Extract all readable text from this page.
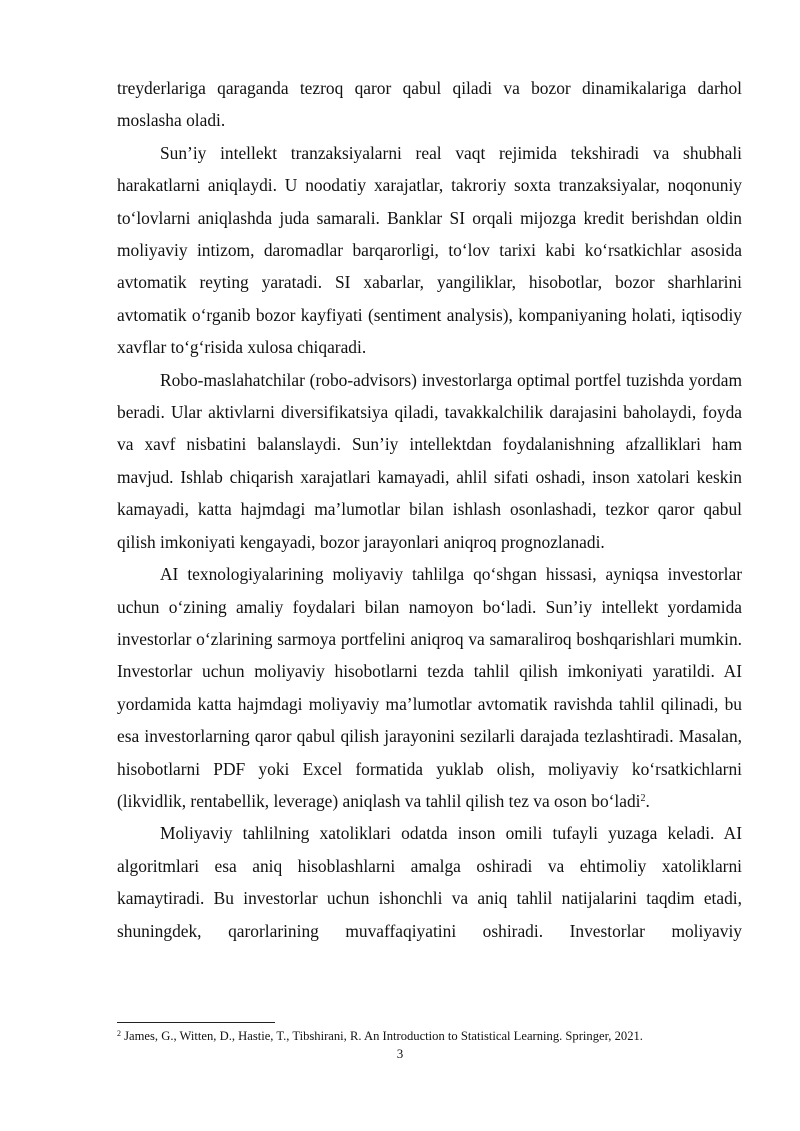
treyderlariga qaraganda tezroq qaror qabul qiladi va bozor dinamikalariga darhol moslasha oladi.

Sun’iy intellekt tranzaksiyalarni real vaqt rejimida tekshiradi va shubhali harakatlarni aniqlaydi. U noodatiy xarajatlar, takroriy soxta tranzaksiyalar, noqonuniy to‘lovlarni aniqlashda juda samarali. Banklar SI orqali mijozga kredit berishdan oldin moliyaviy intizom, daromadlar barqarorligi, to‘lov tarixi kabi ko‘rsatkichlar asosida avtomatik reyting yaratadi. SI xabarlar, yangiliklar, hisobotlar, bozor sharhlarini avtomatik o‘rganib bozor kayfiyati (sentiment analysis), kompaniyaning holati, iqtisodiy xavflar to‘g‘risida xulosa chiqaradi.

Robo-maslahatchilar (robo-advisors) investorlarga optimal portfel tuzishda yordam beradi. Ular aktivlarni diversifikatsiya qiladi, tavakkalchilik darajasini baholaydi, foyda va xavf nisbatini balanslaydi. Sun’iy intellektdan foydalanishning afzalliklari ham mavjud. Ishlab chiqarish xarajatlari kamayadi, ahlil sifati oshadi, inson xatolari keskin kamayadi, katta hajmdagi ma’lumotlar bilan ishlash osonlashadi, tezkor qaror qabul qilish imkoniyati kengayadi, bozor jarayonlari aniqroq prognozlanadi.

AI texnologiyalarining moliyaviy tahlilga qo‘shgan hissasi, ayniqsa investorlar uchun o‘zining amaliy foydalari bilan namoyon bo‘ladi. Sun’iy intellekt yordamida investorlar o‘zlarining sarmoya portfelini aniqroq va samaraliroq boshqarishlari mumkin. Investorlar uchun moliyaviy hisobotlarni tezda tahlil qilish imkoniyati yaratildi. AI yordamida katta hajmdagi moliyaviy ma’lumotlar avtomatik ravishda tahlil qilinadi, bu esa investorlarning qaror qabul qilish jarayonini sezilarli darajada tezlashtiradi. Masalan, hisobotlarni PDF yoki Excel formatida yuklab olish, moliyaviy ko‘rsatkichlarni (likvidlik, rentabellik, leverage) aniqlash va tahlil qilish tez va oson bo‘ladi$^2$.

Moliyaviy tahlilning xatoliklari odatda inson omili tufayli yuzaga keladi. AI algoritmlari esa aniq hisoblashlarni amalga oshiradi va ehtimoliy xatoliklarni kamaytiradi. Bu investorlar uchun ishonchli va aniq tahlil natijalarini taqdim etadi, shuningdek, qarorlarining muvaffaqiyatini oshiradi. Investorlar moliyaviy

$^2$ James, G., Witten, D., Hastie, T., Tibshirani, R. An Introduction to Statistical Learning. Springer, 2021.
3
